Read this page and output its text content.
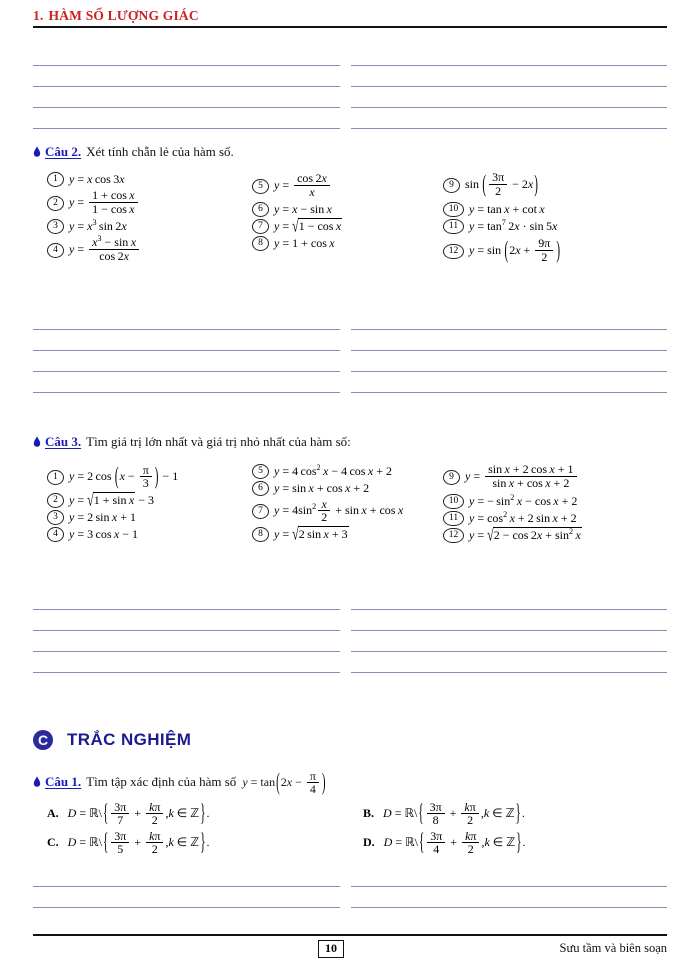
1. HÀM SỐ LƯỢNG GIÁC
Câu 2. Xét tính chẵn lẻ của hàm số.
1 y = x cos 3x
2 $y = \frac{\text{1 + cos x}}{\text{1 − cos x}}$
3 $y = x^3$ sin 2x
4 $y = \frac{x^3 - \sin x}{\cos 2x}$
5 $y = \frac{\cos 2x}{x}$
6 y = x − sin x
7 y = √1 − cos x
8 y = 1 + cos x
9 sin ( $\frac{3\pi}{2} - 2x$)
10 y = tan x + cot x
11 $y = \tan^7 2x \cdot \sin 5x$
12 $y = \sin (2x + \frac{9\pi}{2}$ )
Câu 3. Tìm giá trị lớn nhất và giá trị nhỏ nhất của hàm số:
1 y = 2 $\cos (x - \frac{\pi}{3}$ ) − 1
2 y = √1 + sin x − 3
3 y = 2 sin x + 1
4 y = 3 cos x − 1
5 y = 4 $\cos^2 x - 4$ cos x + 2
6 y = sin x + cos x + 2
7 $y = 4\sin^2 \frac{x}{2} + \sin x + \cos x$
8 y = √2 sin x + 3
9 $y = \frac{\text{sin x + 2 cos x + 1}}{\text{sin x + cos x + 2}}$
10 y = − $\sin^2 x - \cos x + 2$
11 $y = \cos^2 x + 2$ sin x + 2
12 $y = √2 - \cos 2x + \sin^2 x$
C TRẮC NGHIỆM
Câu 1. Tìm tập xác định của hàm số $y = \tan(2x - \frac{\pi}{4}$ )
A. D = ℝ\{ $\frac{3\pi}{7} + \frac{k\pi}{2} ,k$ ∈ ℤ}.	B. D = ℝ\{ $\frac{3\pi}{8} + \frac{k\pi}{2} ,k$ ∈ ℤ}.
C. D = ℝ\{ $\frac{3\pi}{5} + \frac{k\pi}{2} ,k$ ∈ ℤ}.	D. D = ℝ\{ $\frac{3\pi}{4} + \frac{k\pi}{2} ,k$ ∈ ℤ}.
10	Sưu tầm và biên soạn
